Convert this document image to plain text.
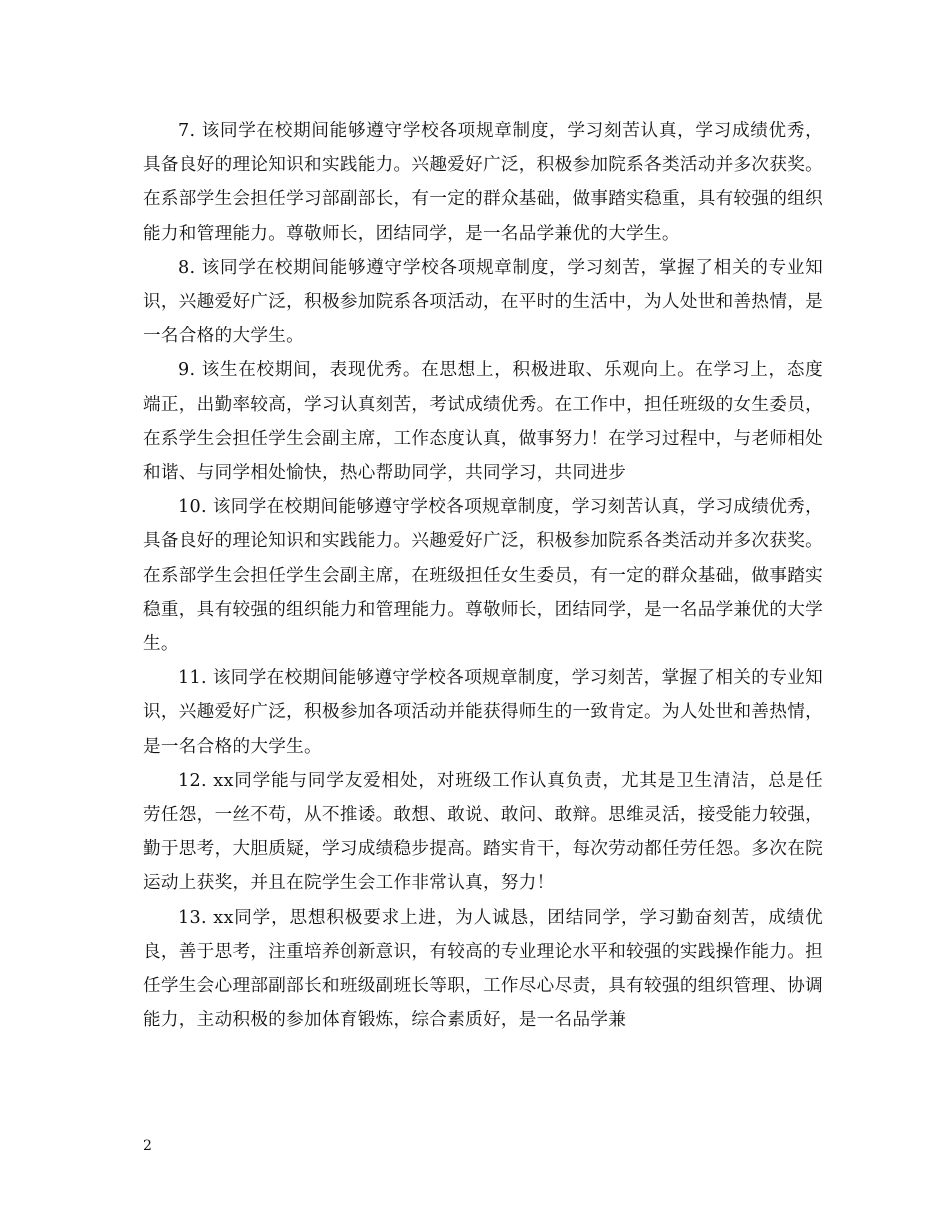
7. 该同学在校期间能够遵守学校各项规章制度，学习刻苦认真，学习成绩优秀，具备良好的理论知识和实践能力。兴趣爱好广泛，积极参加院系各类活动并多次获奖。在系部学生会担任学习部副部长，有一定的群众基础，做事踏实稳重，具有较强的组织能力和管理能力。尊敬师长，团结同学，是一名品学兼优的大学生。

8. 该同学在校期间能够遵守学校各项规章制度，学习刻苦，掌握了相关的专业知识，兴趣爱好广泛，积极参加院系各项活动，在平时的生活中，为人处世和善热情，是一名合格的大学生。

9. 该生在校期间，表现优秀。在思想上，积极进取、乐观向上。在学习上，态度端正，出勤率较高，学习认真刻苦，考试成绩优秀。在工作中，担任班级的女生委员，在系学生会担任学生会副主席，工作态度认真，做事努力！在学习过程中，与老师相处和谐、与同学相处愉快，热心帮助同学，共同学习，共同进步

10. 该同学在校期间能够遵守学校各项规章制度，学习刻苦认真，学习成绩优秀，具备良好的理论知识和实践能力。兴趣爱好广泛，积极参加院系各类活动并多次获奖。在系部学生会担任学生会副主席，在班级担任女生委员，有一定的群众基础，做事踏实稳重，具有较强的组织能力和管理能力。尊敬师长，团结同学，是一名品学兼优的大学生。

11. 该同学在校期间能够遵守学校各项规章制度，学习刻苦，掌握了相关的专业知识，兴趣爱好广泛，积极参加各项活动并能获得师生的一致肯定。为人处世和善热情，是一名合格的大学生。

12. xx同学能与同学友爱相处，对班级工作认真负责，尤其是卫生清洁，总是任劳任怨，一丝不苟，从不推诿。敢想、敢说、敢问、敢辩。思维灵活，接受能力较强，勤于思考，大胆质疑，学习成绩稳步提高。踏实肯干，每次劳动都任劳任怨。多次在院运动上获奖，并且在院学生会工作非常认真，努力！

13. xx同学，思想积极要求上进，为人诚恳，团结同学，学习勤奋刻苦，成绩优良，善于思考，注重培养创新意识，有较高的专业理论水平和较强的实践操作能力。担任学生会心理部副部长和班级副班长等职，工作尽心尽责，具有较强的组织管理、协调能力，主动积极的参加体育锻炼，综合素质好，是一名品学兼

2
